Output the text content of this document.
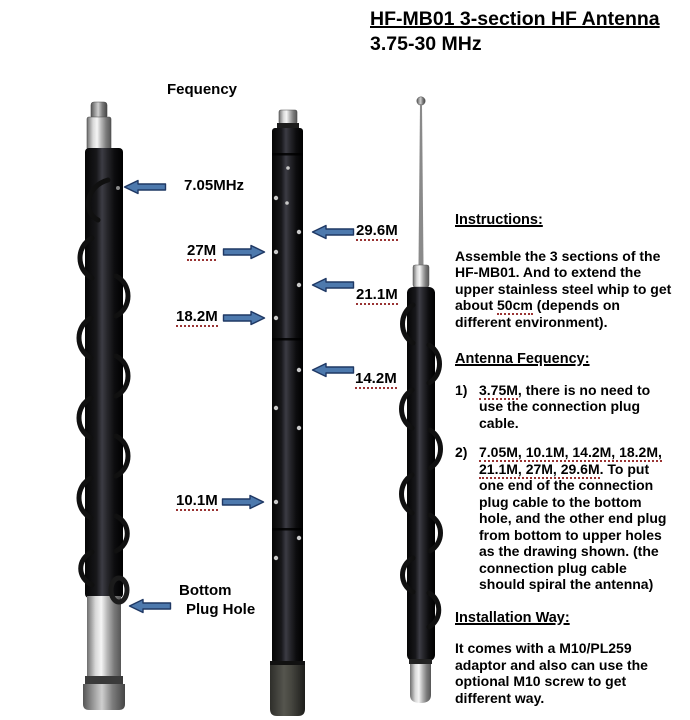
HF-MB01 3-section HF Antenna
3.75-30 MHz
Fequency
7.05MHz
27M
18.2M
10.1M
Bottom
Plug Hole
29.6M
21.1M
14.2M
Instructions:
Assemble the 3 sections of the HF-MB01. And to extend the upper stainless steel whip to get about 50cm (depends on different environment).
Antenna Fequency:
1) 3.75M, there is no need to use the connection plug cable.
2) 7.05M, 10.1M, 14.2M, 18.2M, 21.1M, 27M, 29.6M. To put one end of the connection plug cable to the bottom hole, and the other end plug from bottom to upper holes as the drawing shown. (the connection plug cable should spiral the antenna)
Installation Way:
It comes with a M10/PL259 adaptor and also can use the optional M10 screw to get different way.
